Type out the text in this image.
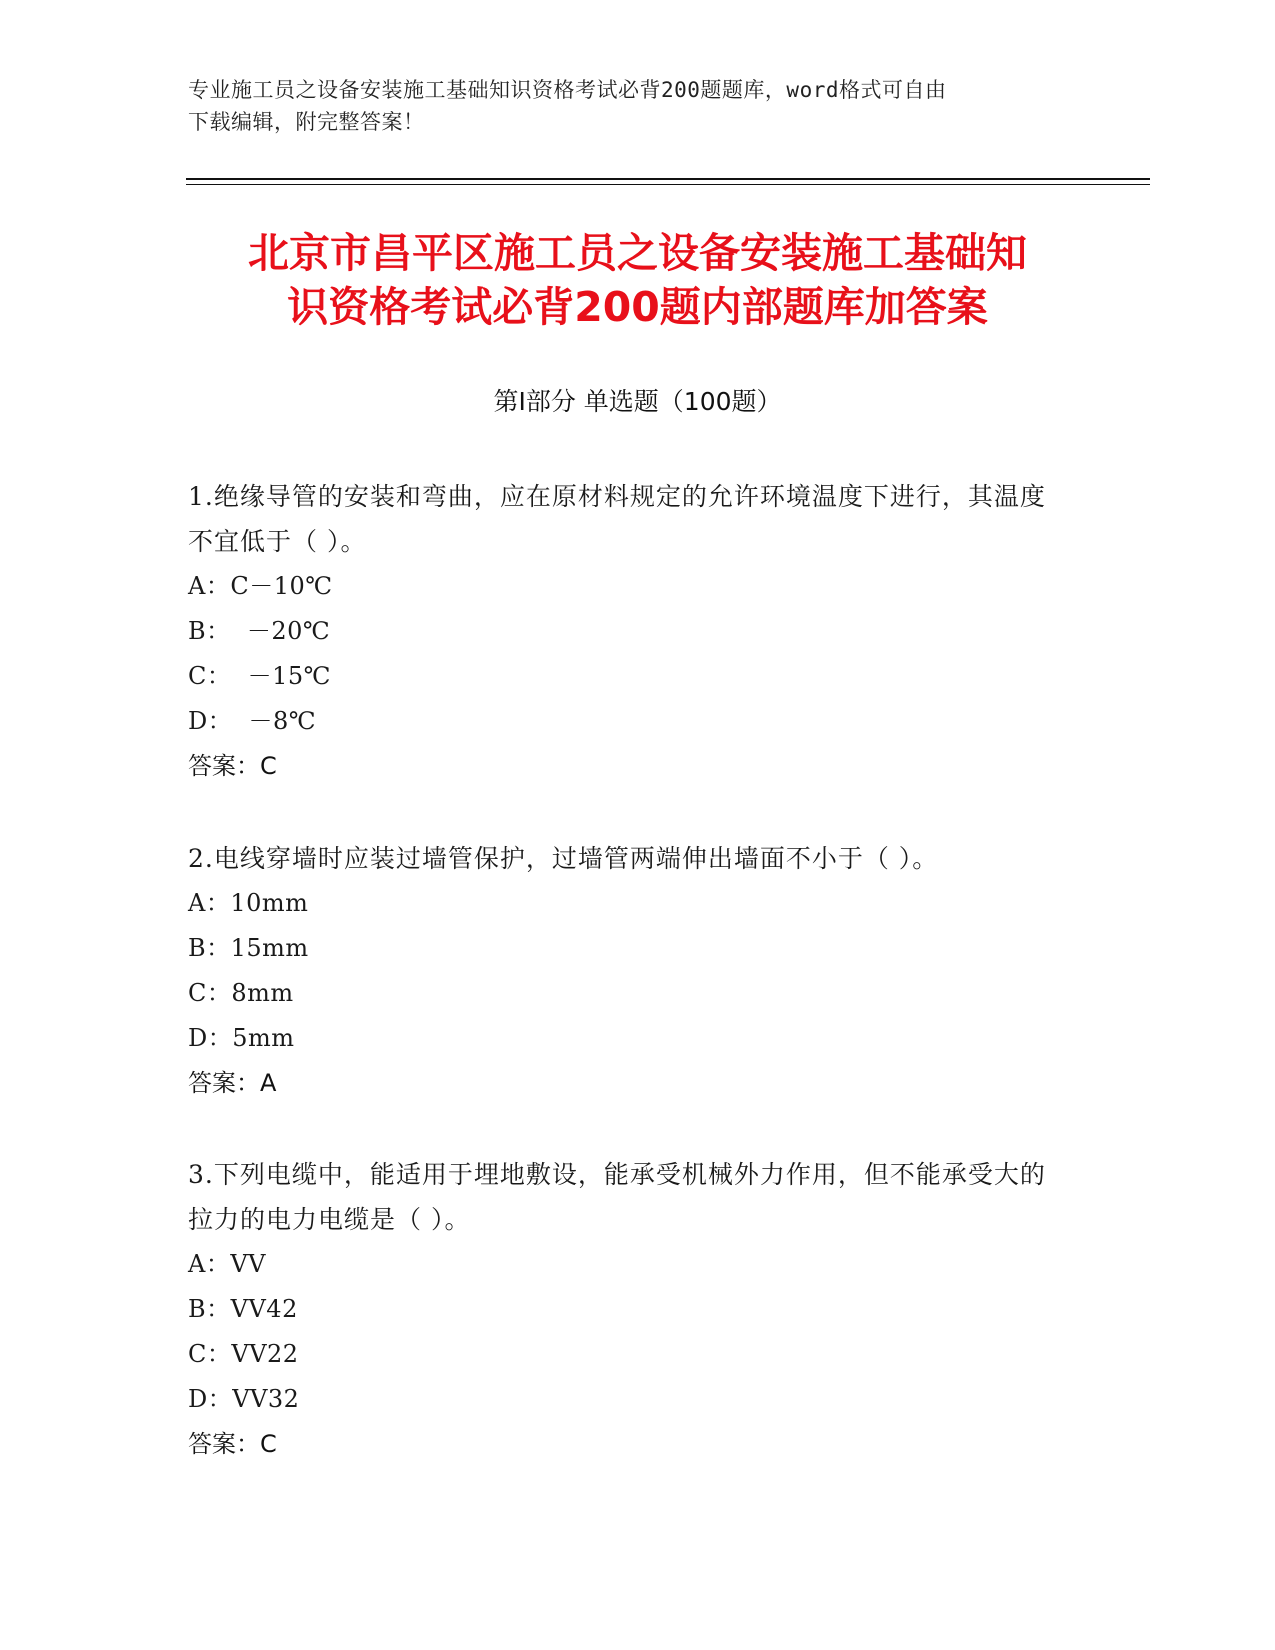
专业施工员之设备安装施工基础知识资格考试必背200题题库，word格式可自由
下载编辑，附完整答案！
北京市昌平区施工员之设备安装施工基础知
识资格考试必背200题内部题库加答案
第Ⅰ部分 单选题（100题）
1.绝缘导管的安装和弯曲，应在原材料规定的允许环境温度下进行，其温度不宜低于（ ）。
A：C－10℃
B：  －20℃
C：  －15℃
D：  －8℃
答案：C
2.电线穿墙时应装过墙管保护，过墙管两端伸出墙面不小于（ ）。
A：10mm
B：15mm
C：8mm
D：5mm
答案：A
3.下列电缆中，能适用于埋地敷设，能承受机械外力作用，但不能承受大的拉力的电力电缆是（ ）。
A：VV
B：VV42
C：VV22
D：VV32
答案：C
